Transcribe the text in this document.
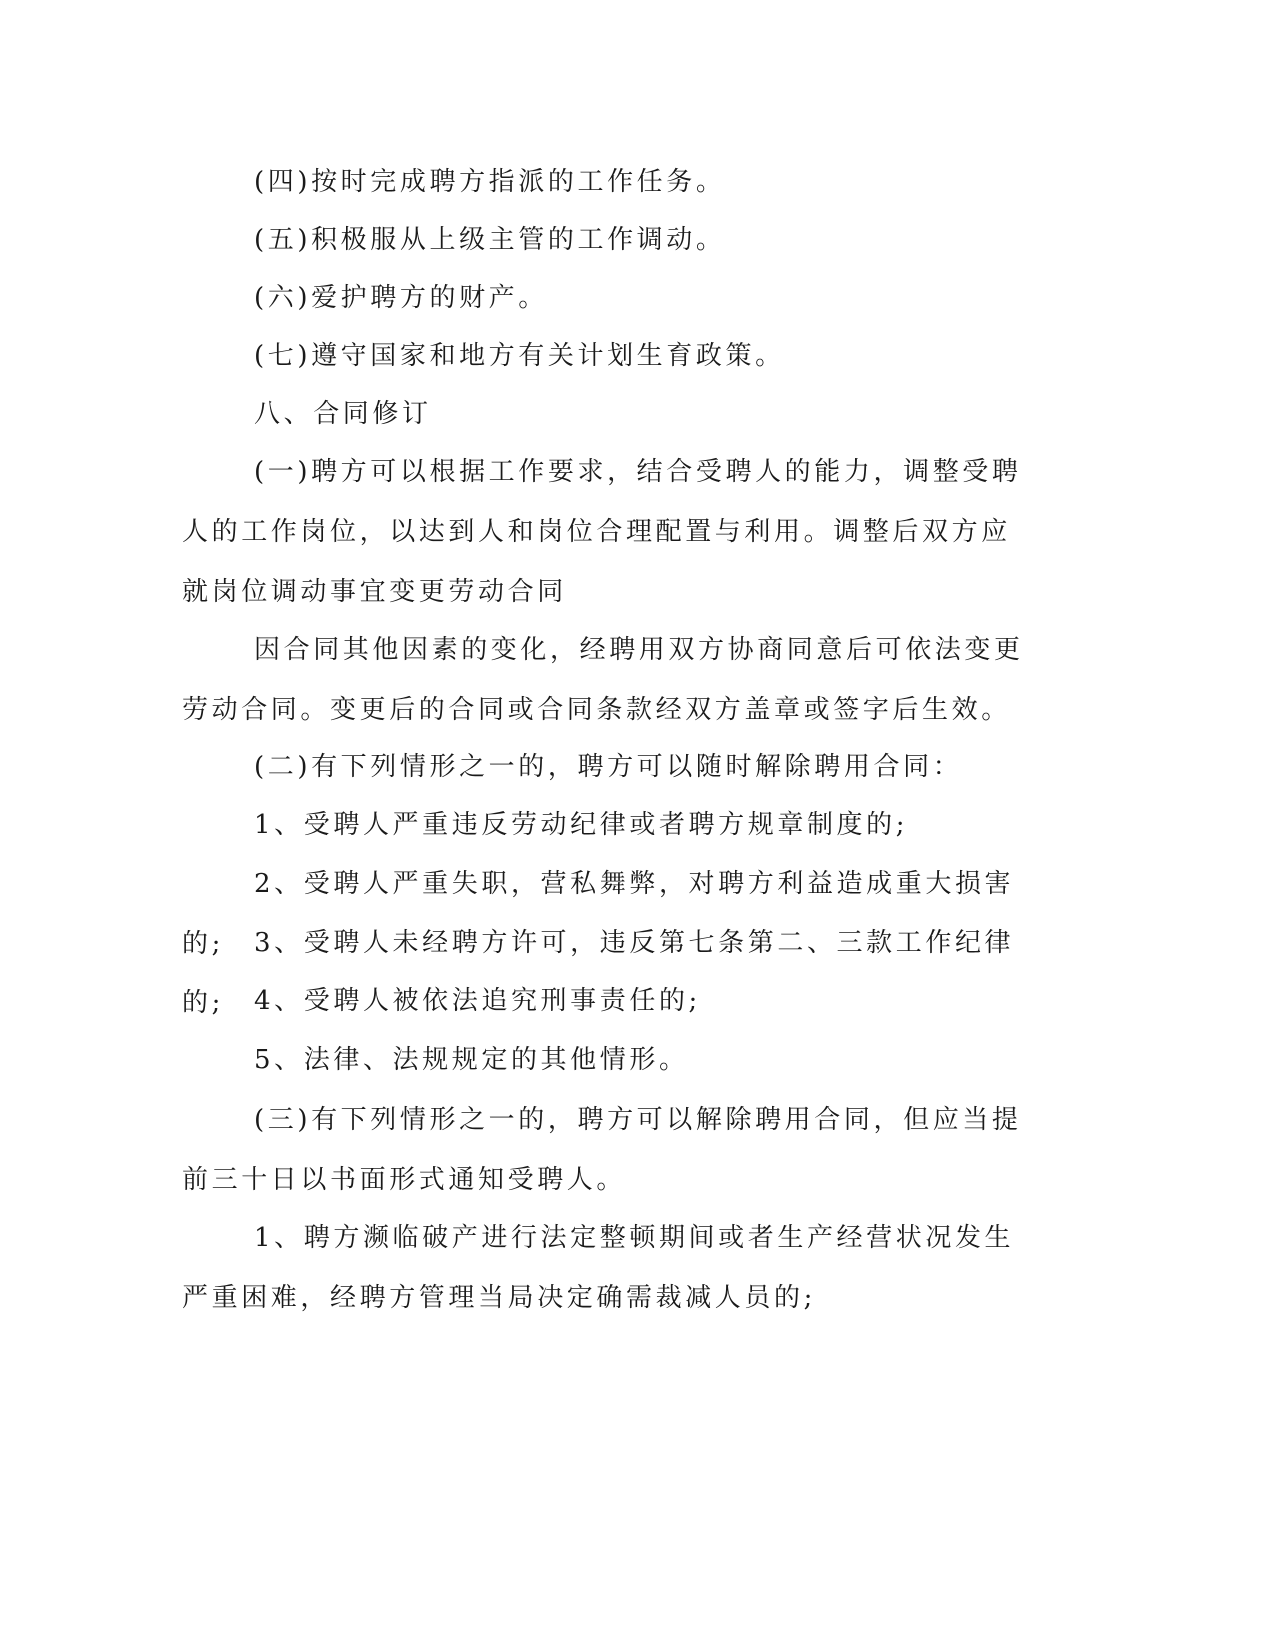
(四)按时完成聘方指派的工作任务。

(五)积极服从上级主管的工作调动。

(六)爱护聘方的财产。

(七)遵守国家和地方有关计划生育政策。

八、合同修订

(一)聘方可以根据工作要求，结合受聘人的能力，调整受聘人的工作岗位，以达到人和岗位合理配置与利用。调整后双方应就岗位调动事宜变更劳动合同

因合同其他因素的变化，经聘用双方协商同意后可依法变更劳动合同。变更后的合同或合同条款经双方盖章或签字后生效。

(二)有下列情形之一的，聘方可以随时解除聘用合同：

1、受聘人严重违反劳动纪律或者聘方规章制度的;

2、受聘人严重失职，营私舞弊，对聘方利益造成重大损害的;	3、受聘人未经聘方许可，违反第七条第二、三款工作纪律的;	4、受聘人被依法追究刑事责任的;

5、法律、法规规定的其他情形。

(三)有下列情形之一的，聘方可以解除聘用合同，但应当提前三十日以书面形式通知受聘人。

1、聘方濒临破产进行法定整顿期间或者生产经营状况发生严重困难，经聘方管理当局决定确需裁减人员的;
